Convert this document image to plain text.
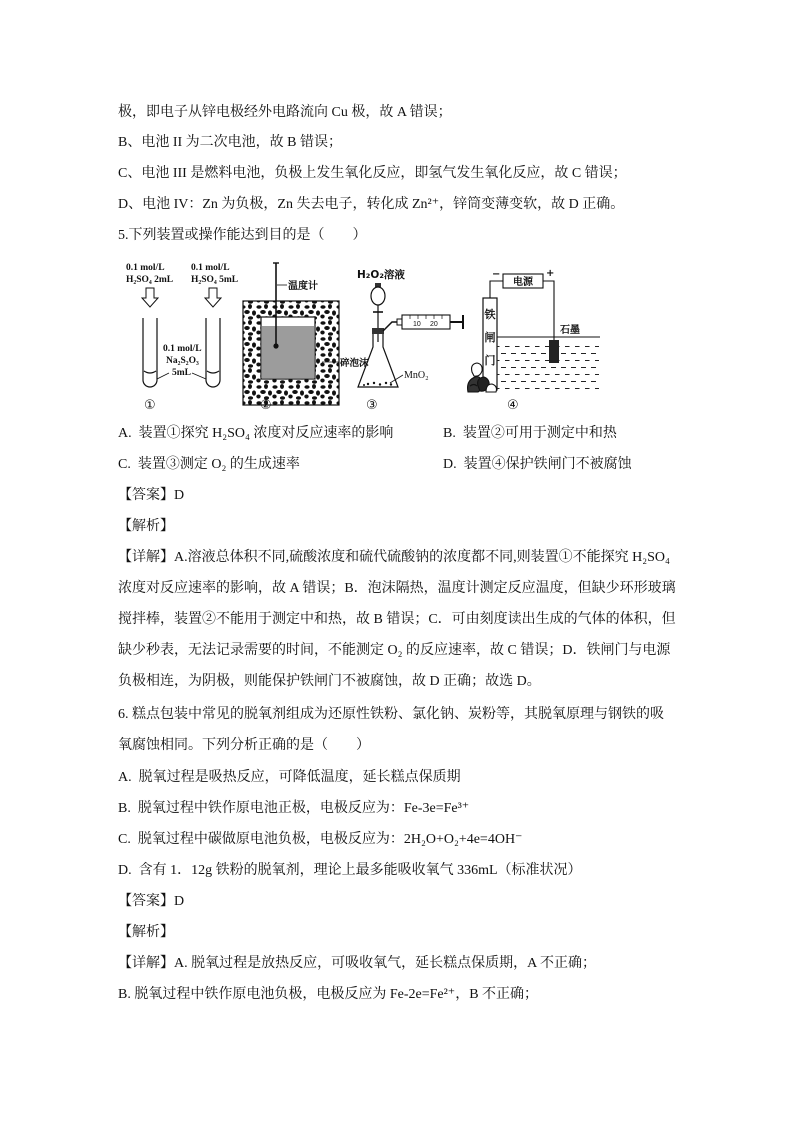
极，即电子从锌电极经外电路流向 Cu 极，故 A 错误；
B、电池 II 为二次电池，故 B 错误；
C、电池 III 是燃料电池，负极上发生氧化反应，即氢气发生氧化反应，故 C 错误；
D、电池 IV：Zn 为负极，Zn 失去电子，转化成 Zn²⁺，锌筒变薄变软，故 D 正确。
5.下列装置或操作能达到目的是（　　）
0.1 mol/L
H₂SO₄ 2mL
0.1 mol/L
H₂SO₄ 5mL
0.1 mol/L
Na₂S₂O₃
5mL
①
温度计
碎泡沫
②
H₂O₂溶液
10 20
MnO₂
③
−
电源
+
铁
闸
门
石墨
④
A.  装置①探究 H₂SO₄ 浓度对反应速率的影响	B.  装置②可用于测定中和热
C.  装置③测定 O₂ 的生成速率	D.  装置④保护铁闸门不被腐蚀
【答案】D
【解析】
【详解】A.溶液总体积不同,硫酸浓度和硫代硫酸钠的浓度都不同,则装置①不能探究 H₂SO₄
浓度对反应速率的影响，故 A 错误；B．泡沫隔热，温度计测定反应温度，但缺少环形玻璃
搅拌棒，装置②不能用于测定中和热，故 B 错误；C．可由刻度读出生成的气体的体积，但
缺少秒表，无法记录需要的时间，不能测定 O₂ 的反应速率，故 C 错误；D．铁闸门与电源
负极相连，为阴极，则能保护铁闸门不被腐蚀，故 D 正确；故选 D。
6. 糕点包装中常见的脱氧剂组成为还原性铁粉、氯化钠、炭粉等，其脱氧原理与钢铁的吸
氧腐蚀相同。下列分析正确的是（　　）
A.  脱氧过程是吸热反应，可降低温度，延长糕点保质期
B.  脱氧过程中铁作原电池正极，电极反应为：Fe-3e=Fe³⁺
C.  脱氧过程中碳做原电池负极，电极反应为：2H₂O+O₂+4e=4OH⁻
D.  含有 1．12g 铁粉的脱氧剂，理论上最多能吸收氧气 336mL（标准状况）
【答案】D
【解析】
【详解】A. 脱氧过程是放热反应，可吸收氧气，延长糕点保质期，A 不正确；
B. 脱氧过程中铁作原电池负极，电极反应为 Fe-2e=Fe²⁺，B 不正确；
